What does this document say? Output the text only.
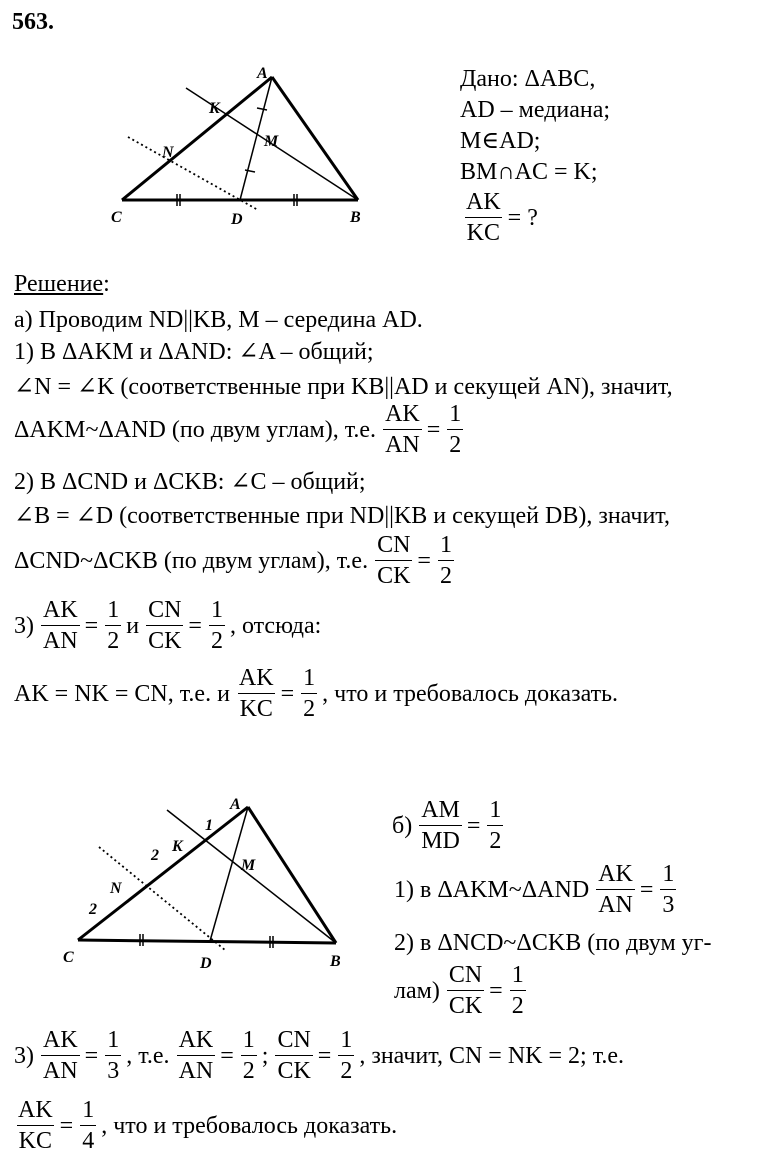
563.
A
K
M
N
C	D	B
Дано: ΔABC,
AD – медиана;
M∈AD;
BM∩AC = K;
$\frac{AK}{KC}$ = ?
Решение:
а) Проводим ND||KB, M – середина AD.
1) В ΔAKM и ΔAND: ∠A – общий;
∠N = ∠K (соответственные при KB||AD и секущей AN), значит,
ΔAKM~ΔAND (по двум углам), т.е. $\frac{AK}{AN} = \frac{1}{2}$
2) В ΔCND и ΔCKB: ∠C – общий;
∠B = ∠D (соответственные при ND||KB и секущей DB), значит,
ΔCND~ΔCKB (по двум углам), т.е. $\frac{CN}{CK} = \frac{1}{2}$
$3) \frac{AK}{AN} = \frac{1}{2}$ и $\frac{CN}{CK} = \frac{1}{2}$ , отсюда:
AK = NK = CN, т.е. и $\frac{AK}{KC} = \frac{1}{2}$ , что и требовалось доказать.
A
K
M
N
C	D	B
1
2
2
$б) \frac{AM}{MD} = \frac{1}{2}$
1) в ΔAKM~ΔAND $\frac{AK}{AN} = \frac{1}{3}$
2) в ΔNCD~ΔCKB (по двум уг-
$лам) \frac{CN}{CK} = \frac{1}{2}$
$3) \frac{AK}{AN} = \frac{1}{3}$ , т.е. $\frac{AK}{AN} = \frac{1}{2}$ ; $\frac{CN}{CK} = \frac{1}{2}$ , значит, CN = NK = 2; т.е.
$\frac{AK}{KC} = \frac{1}{4}$ , что и требовалось доказать.
